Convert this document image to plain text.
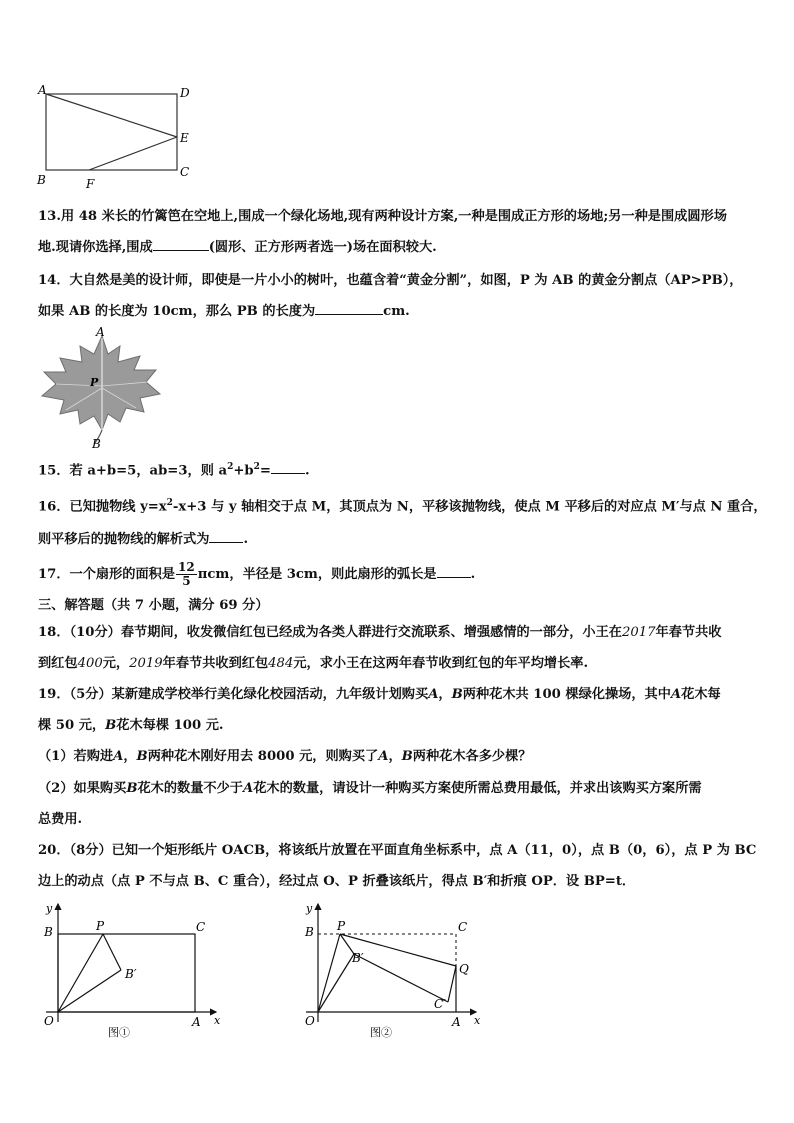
A	D
E
C
B	F
13.用 48 米长的竹篱笆在空地上,围成一个绿化场地,现有两种设计方案,一种是围成正方形的场地;另一种是围成圆形场
地.现请你选择,围成	(圆形、正方形两者选一)场在面积较大.
14．大自然是美的设计师，即使是一片小小的树叶，也蕴含着“黄金分割”，如图，P 为 AB 的黄金分割点（AP>PB），
如果 AB 的长度为 10cm，那么 PB 的长度为	cm.
A
P
B
15．若 a+b=5，ab=3，则 $a^2+b^2=$	.
16．已知抛物线 $y=x^2-x+3$ 与 y 轴相交于点 M，其顶点为 N，平移该抛物线，使点 M 平移后的对应点 M′与点 N 重合，
则平移后的抛物线的解析式为	.
17．一个扇形的面积是 $\frac{12}{5}$ πcm，半径是 3cm，则此扇形的弧长是	.
三、解答题（共 7 小题，满分 69 分）
18．（10分）春节期间，收发微信红包已经成为各类人群进行交流联系、增强感情的一部分，小王在2017年春节共收
到红包400元，2019年春节共收到红包484元，求小王在这两年春节收到红包的年平均增长率.
19．（5分）某新建成学校举行美化绿化校园活动，九年级计划购买A，B两种花木共 100 棵绿化操场，其中A花木每
棵 50 元，B花木每棵 100 元.
（1）若购进A，B两种花木刚好用去 8000 元，则购买了A，B两种花木各多少棵？
（2）如果购买B花木的数量不少于A花木的数量，请设计一种购买方案使所需总费用最低，并求出该购买方案所需
总费用.
20．（8分）已知一个矩形纸片 OACB，将该纸片放置在平面直角坐标系中，点 A（11，0），点 B（0，6），点 P 为 BC
边上的动点（点 P 不与点 B、C 重合），经过点 O、P 折叠该纸片，得点 B′和折痕 OP．设 BP=t．
y
x
B	P	C
B′
O	A
图①
y
x
B P	C
B′
Q
C′
O	A
图②
